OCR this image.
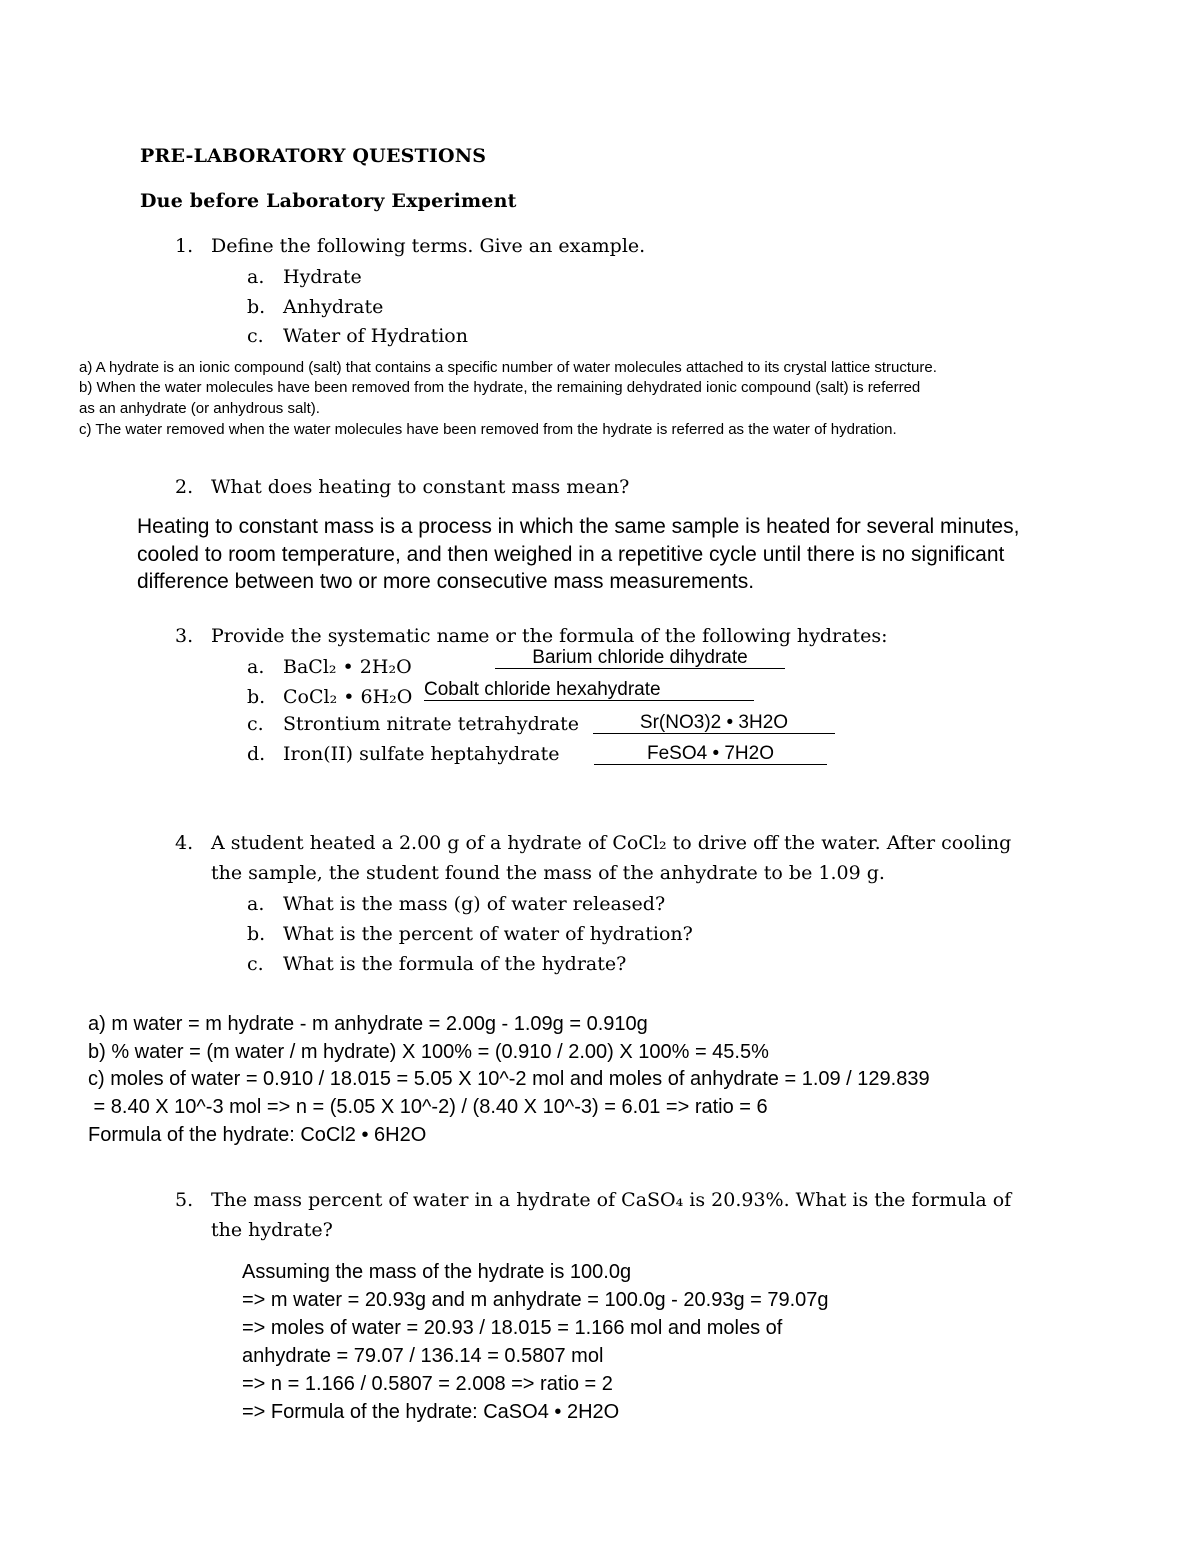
PRE-LABORATORY QUESTIONS
Due before Laboratory Experiment
1. Define the following terms. Give an example.
a. Hydrate
b. Anhydrate
c. Water of Hydration
a) A hydrate is an ionic compound (salt) that contains a specific number of water molecules attached to its crystal lattice structure.
b) When the water molecules have been removed from the hydrate, the remaining dehydrated ionic compound (salt) is referred
as an anhydrate (or anhydrous salt).
c) The water removed when the water molecules have been removed from the hydrate is referred as the water of hydration.
2. What does heating to constant mass mean?
Heating to constant mass is a process in which the same sample is heated for several minutes,
cooled to room temperature, and then weighed in a repetitive cycle until there is no significant
difference between two or more consecutive mass measurements.
3. Provide the systematic name or the formula of the following hydrates:
a. BaCl₂ • 2H₂O	Barium chloride dihydrate
b. CoCl₂ • 6H₂O Cobalt chloride hexahydrate
c. Strontium nitrate tetrahydrate	Sr(NO3)2 • 3H2O
d. Iron(II) sulfate heptahydrate	FeSO4 • 7H2O
4. A student heated a 2.00 g of a hydrate of CoCl₂ to drive off the water. After cooling
the sample, the student found the mass of the anhydrate to be 1.09 g.
a. What is the mass (g) of water released?
b. What is the percent of water of hydration?
c. What is the formula of the hydrate?
a) m water = m hydrate - m anhydrate = 2.00g - 1.09g = 0.910g
b) % water = (m water / m hydrate) X 100% = (0.910 / 2.00) X 100% = 45.5%
c) moles of water = 0.910 / 18.015 = 5.05 X 10^-2 mol and moles of anhydrate = 1.09 / 129.839
= 8.40 X 10^-3 mol => n = (5.05 X 10^-2) / (8.40 X 10^-3) = 6.01 => ratio = 6
Formula of the hydrate: CoCl2 • 6H2O
5. The mass percent of water in a hydrate of CaSO₄ is 20.93%. What is the formula of
the hydrate?
Assuming the mass of the hydrate is 100.0g
=> m water = 20.93g and m anhydrate = 100.0g - 20.93g = 79.07g
=> moles of water = 20.93 / 18.015 = 1.166 mol and moles of
anhydrate = 79.07 / 136.14 = 0.5807 mol
=> n = 1.166 / 0.5807 = 2.008 => ratio = 2
=> Formula of the hydrate: CaSO4 • 2H2O
